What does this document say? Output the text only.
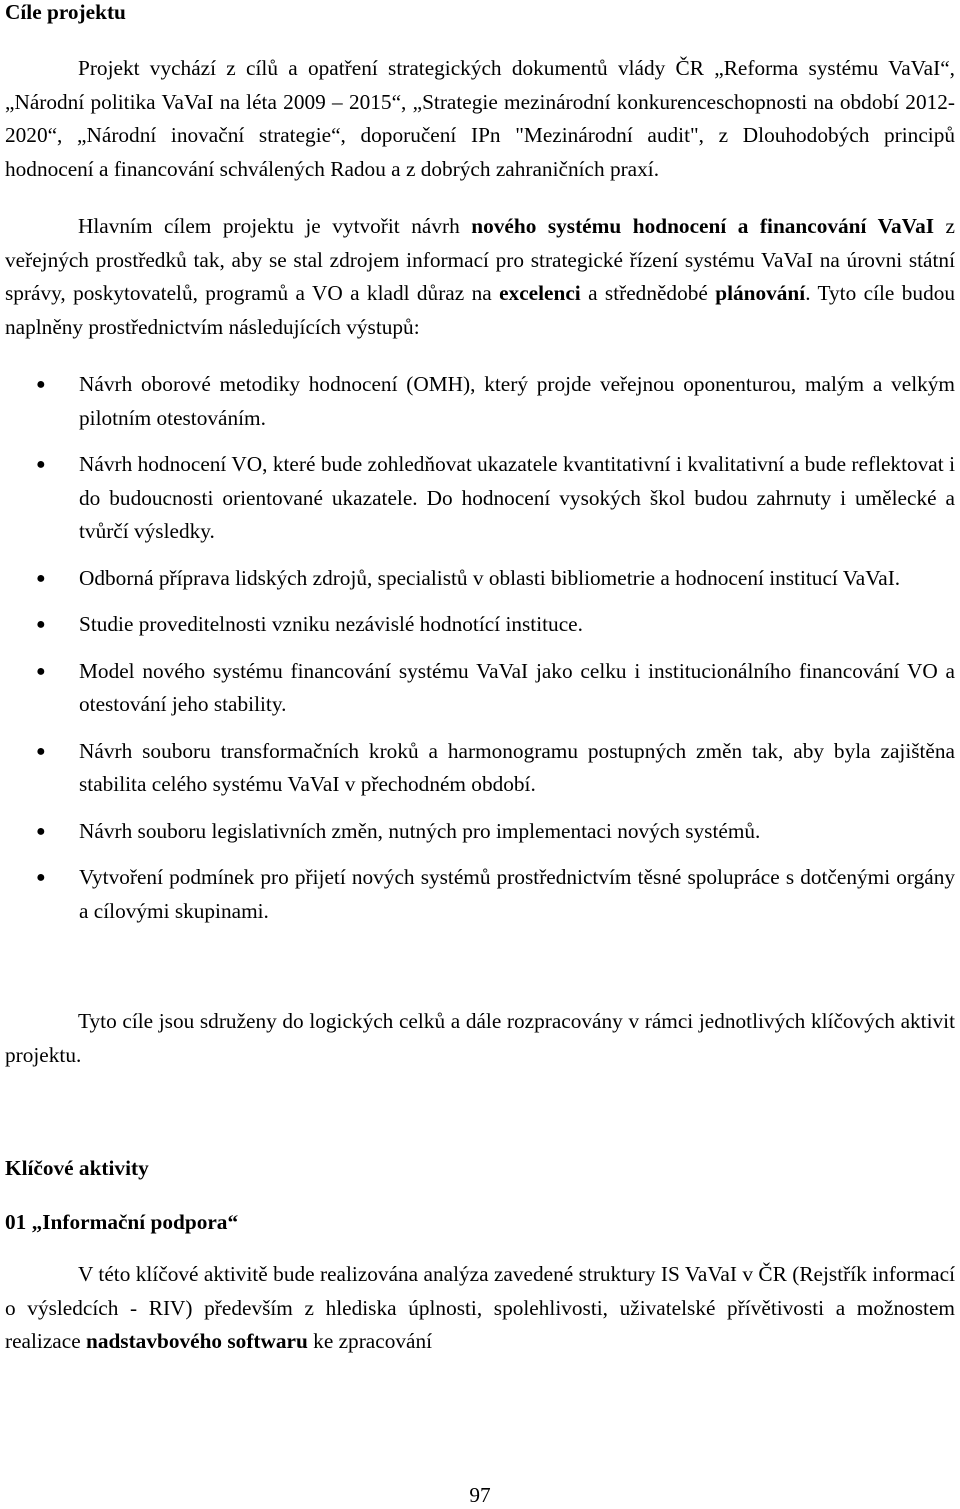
Cíle projektu

Projekt vychází z cílů a opatření strategických dokumentů vlády ČR „Reforma systému VaVaI“, „Národní politika VaVaI na léta 2009 – 2015“, „Strategie mezinárodní konkurenceschopnosti na období 2012-2020“, „Národní inovační strategie“, doporučení IPn "Mezinárodní audit", z Dlouhodobých principů hodnocení a financování schválených Radou a z dobrých zahraničních praxí.

Hlavním cílem projektu je vytvořit návrh nového systému hodnocení a financování VaVaI z veřejných prostředků tak, aby se stal zdrojem informací pro strategické řízení systému VaVaI na úrovni státní správy, poskytovatelů, programů a VO a kladl důraz na excelenci a střednědobé plánování. Tyto cíle budou naplněny prostřednictvím následujících výstupů:

● Návrh oborové metodiky hodnocení (OMH), který projde veřejnou oponenturou, malým a velkým pilotním otestováním.
● Návrh hodnocení VO, které bude zohledňovat ukazatele kvantitativní i kvalitativní a bude reflektovat i do budoucnosti orientované ukazatele. Do hodnocení vysokých škol budou zahrnuty i umělecké a tvůrčí výsledky.
● Odborná příprava lidských zdrojů, specialistů v oblasti bibliometrie a hodnocení institucí VaVaI.
● Studie proveditelnosti vzniku nezávislé hodnotící instituce.
● Model nového systému financování systému VaVaI jako celku i institucionálního financování VO a otestování jeho stability.
● Návrh souboru transformačních kroků a harmonogramu postupných změn tak, aby byla zajištěna stabilita celého systému VaVaI v přechodném období.
● Návrh souboru legislativních změn, nutných pro implementaci nových systémů.
● Vytvoření podmínek pro přijetí nových systémů prostřednictvím těsné spolupráce s dotčenými orgány a cílovými skupinami.

Tyto cíle jsou sdruženy do logických celků a dále rozpracovány v rámci jednotlivých klíčových aktivit projektu.

Klíčové aktivity
01 „Informační podpora“

V této klíčové aktivitě bude realizována analýza zavedené struktury IS VaVaI v ČR (Rejstřík informací o výsledcích - RIV) především z hlediska úplnosti, spolehlivosti, uživatelské přívětivosti a možnostem realizace nadstavbového softwaru ke zpracování

97
